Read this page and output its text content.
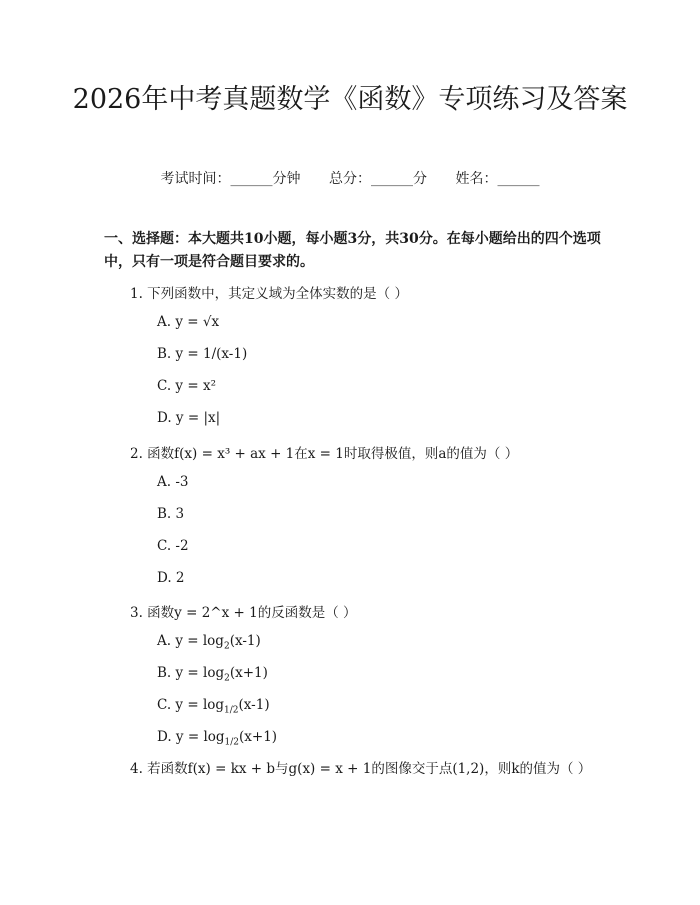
2026年中考真题数学《函数》专项练习及答案
考试时间：______分钟 总分：______分 姓名：______
一、选择题：本大题共10小题，每小题3分，共30分。在每小题给出的四个选项中，只有一项是符合题目要求的。
1. 下列函数中，其定义域为全体实数的是（ ）
A. y = √x
B. y = 1/(x-1)
C. y = x²
D. y = |x|
2. 函数f(x) = x³ + ax + 1在x = 1时取得极值，则a的值为（ ）
A. -3
B. 3
C. -2
D. 2
3. 函数y = 2^x + 1的反函数是（ ）
A. $y = \log_2(x-1)$
B. $y = \log_2(x+1)$
C. $y = \log_{1/2}(x-1)$
D. $y = \log_{1/2}(x+1)$
4. 若函数f(x) = kx + b与g(x) = x + 1的图像交于点(1,2)，则k的值为（ ）
